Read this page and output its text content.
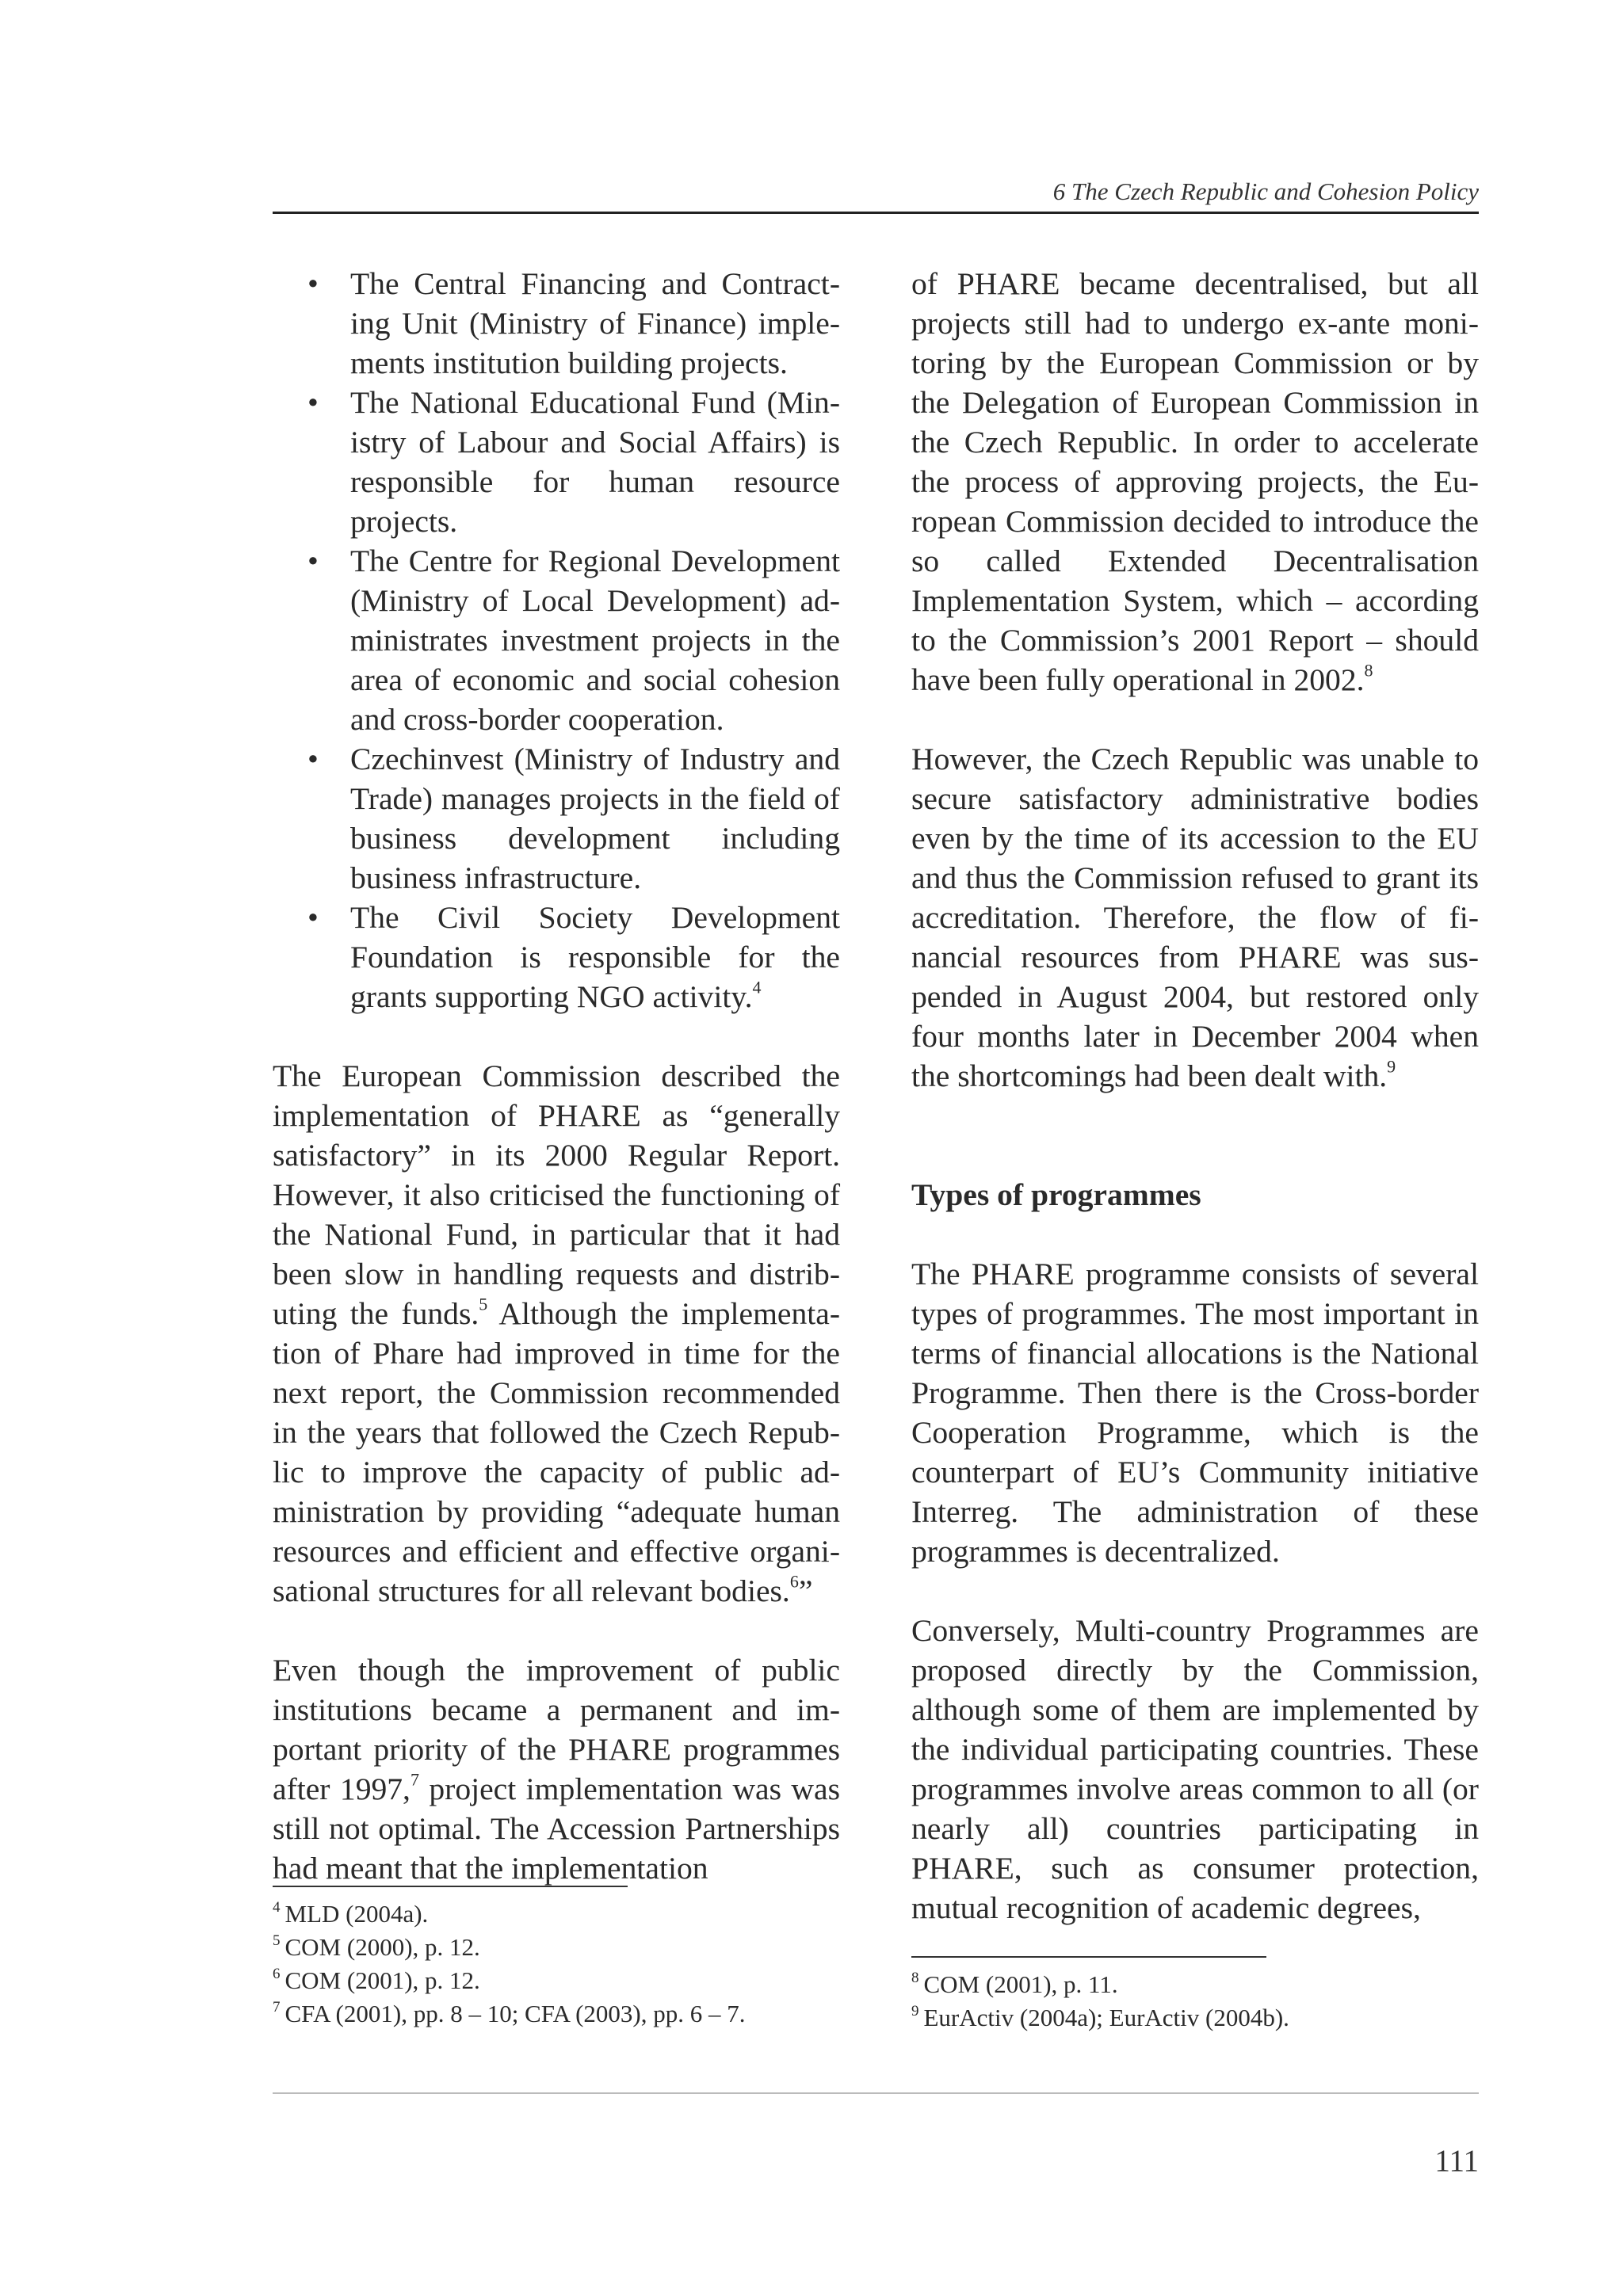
6 The Czech Republic and Cohesion Policy
• The Central Financing and Contracting Unit (Ministry of Finance) implements institution building projects.
• The National Educational Fund (Ministry of Labour and Social Affairs) is responsible for human resource projects.
• The Centre for Regional Development (Ministry of Local Development) administrates investment projects in the area of economic and social cohesion and cross-border cooperation.
• Czechinvest (Ministry of Industry and Trade) manages projects in the field of business development including business infrastructure.
• The Civil Society Development Foundation is responsible for the grants supporting NGO activity.$^4$

The European Commission described the implementation of PHARE as “generally satisfactory” in its 2000 Regular Report. However, it also criticised the functioning of the National Fund, in particular that it had been slow in handling requests and distributing the funds.$^5$ Although the implementation of Phare had improved in time for the next report, the Commission recommended in the years that followed the Czech Republic to improve the capacity of public administration by providing “adequate human resources and efficient and effective organisational structures for all relevant bodies.$^6$”

Even though the improvement of public institutions became a permanent and important priority of the PHARE programmes after 1997,$^7$ project implementation was was still not optimal. The Accession Partnerships had meant that the implementation

$^4$ MLD (2004a).
$^5$ COM (2000), p. 12.
$^6$ COM (2001), p. 12.
$^7$ CFA (2001), pp. 8 – 10; CFA (2003), pp. 6 – 7.

of PHARE became decentralised, but all projects still had to undergo ex-ante monitoring by the European Commission or by the Delegation of European Commission in the Czech Republic. In order to accelerate the process of approving projects, the European Commission decided to introduce the so called Extended Decentralisation Implementation System, which – according to the Commission’s 2001 Report – should have been fully operational in 2002.$^8$

However, the Czech Republic was unable to secure satisfactory administrative bodies even by the time of its accession to the EU and thus the Commission refused to grant its accreditation. Therefore, the flow of financial resources from PHARE was suspended in August 2004, but restored only four months later in December 2004 when the shortcomings had been dealt with.$^9$

Types of programmes

The PHARE programme consists of several types of programmes. The most important in terms of financial allocations is the National Programme. Then there is the Cross-border Cooperation Programme, which is the counterpart of EU’s Community initiative Interreg. The administration of these programmes is decentralized.

Conversely, Multi-country Programmes are proposed directly by the Commission, although some of them are implemented by the individual participating countries. These programmes involve areas common to all (or nearly all) countries participating in PHARE, such as consumer protection, mutual recognition of academic degrees,

$^8$ COM (2001), p. 11.
$^9$ EurActiv (2004a); EurActiv (2004b).
111
